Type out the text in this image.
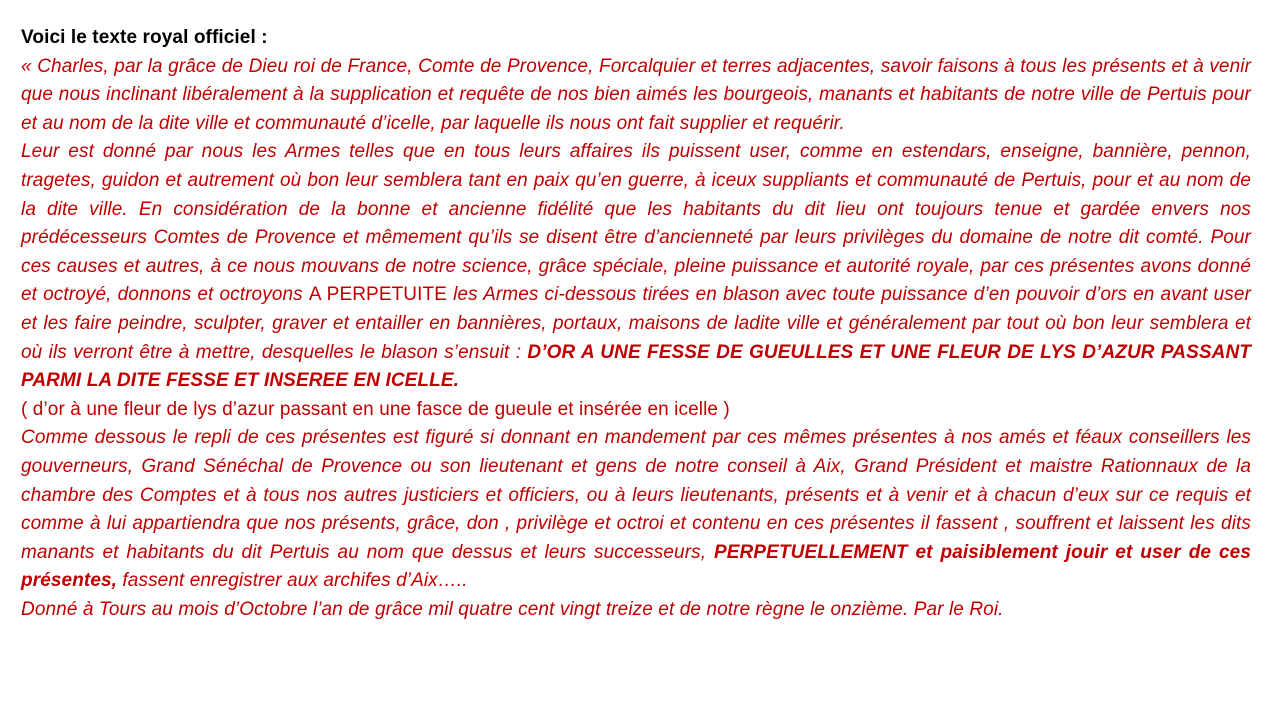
Voici le texte royal officiel :

« Charles, par la grâce de Dieu roi de France, Comte de Provence, Forcalquier et terres adjacentes, savoir faisons à tous les présents et à venir que nous inclinant libéralement à la supplication et requête de nos bien aimés les bourgeois, manants et habitants de notre ville de Pertuis pour et au nom de la dite ville et communauté d’icelle, par laquelle ils nous ont fait supplier et requérir.

Leur est donné par nous les Armes telles que en tous leurs affaires ils puissent user, comme en estendars, enseigne, bannière, pennon, tragetes, guidon et autrement où bon leur semblera tant en paix qu’en guerre, à iceux suppliants et communauté de Pertuis, pour et au nom de la dite ville. En considération de la bonne et ancienne fidélité que les habitants du dit lieu ont toujours tenue et gardée envers nos prédécesseurs Comtes de Provence et mêmement qu’ils se disent être d’ancienneté par leurs privilèges du domaine de notre dit comté. Pour ces causes et autres, à ce nous mouvans de notre science, grâce spéciale, pleine puissance et autorité royale, par ces présentes avons donné et octroyé, donnons et octroyons A PERPETUITE les Armes ci-dessous tirées en blason avec toute puissance d’en pouvoir d’ors en avant user et les faire peindre, sculpter, graver et entailler en bannières, portaux, maisons de ladite ville et généralement par tout où bon leur semblera et où ils verront être à mettre, desquelles le blason s’ensuit : D’OR A UNE FESSE DE GUEULLES ET UNE FLEUR DE LYS D’AZUR PASSANT PARMI LA DITE FESSE ET INSEREE EN ICELLE.

( d’or à une fleur de lys d’azur passant en une fasce de gueule et insérée en icelle )

Comme dessous le repli de ces présentes est figuré si donnant en mandement par ces mêmes présentes à nos amés et féaux conseillers les gouverneurs, Grand Sénéchal de Provence ou son lieutenant et gens de notre conseil à Aix, Grand Président et maistre Rationnaux de la chambre des Comptes et à tous nos autres justiciers et officiers, ou à leurs lieutenants, présents et à venir et à chacun d’eux sur ce requis et comme à lui appartiendra que nos présents, grâce, don , privilège et octroi et contenu en ces présentes il fassent , souffrent et laissent les dits manants et habitants du dit Pertuis au nom que dessus et leurs successeurs, PERPETUELLEMENT et paisiblement jouir et user de ces présentes, fassent enregistrer aux archifes d’Aix…..

Donné à Tours au mois d’Octobre l’an de grâce mil quatre cent vingt treize et de notre règne le onzième. Par le Roi.
